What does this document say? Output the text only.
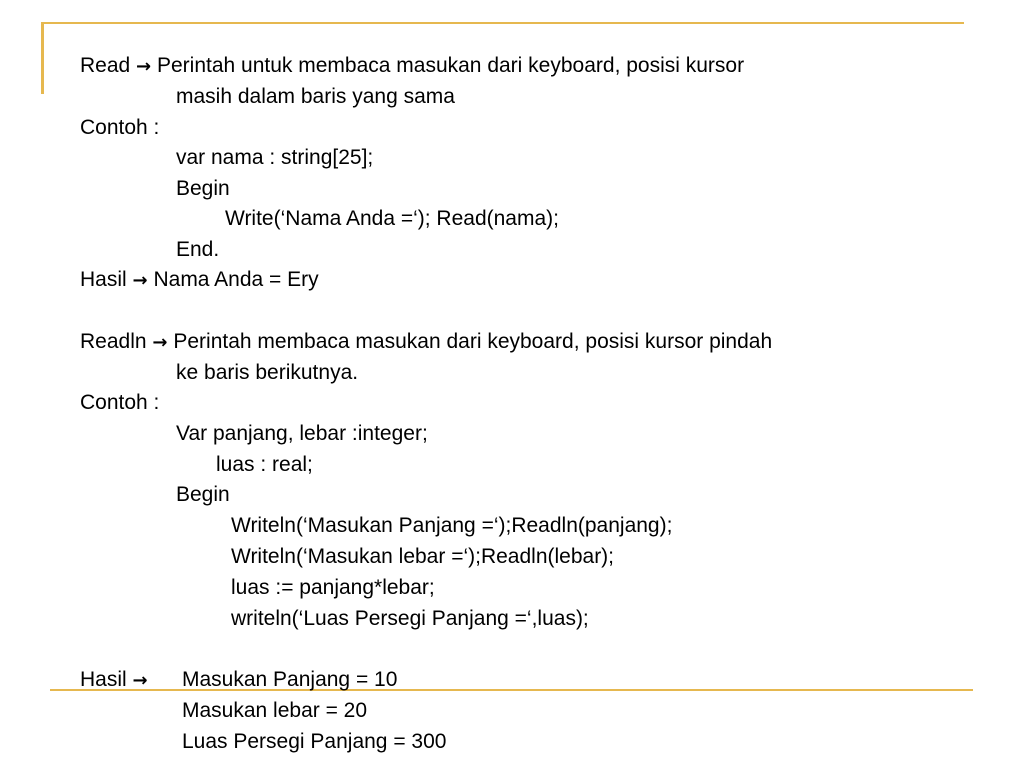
Read → Perintah untuk membaca masukan dari keyboard, posisi kursor
masih dalam baris yang sama
Contoh :
var nama : string[25];
Begin
Write(‘Nama Anda =‘); Read(nama);
End.
Hasil → Nama Anda = Ery
Readln → Perintah membaca masukan dari keyboard, posisi kursor pindah
ke baris berikutnya.
Contoh :
Var panjang, lebar :integer;
luas : real;
Begin
Writeln(‘Masukan Panjang =‘);Readln(panjang);
Writeln(‘Masukan lebar =‘);Readln(lebar);
luas := panjang*lebar;
writeln(‘Luas Persegi Panjang =‘,luas);
Hasil → Masukan Panjang = 10
Masukan lebar = 20
Luas Persegi Panjang = 300
